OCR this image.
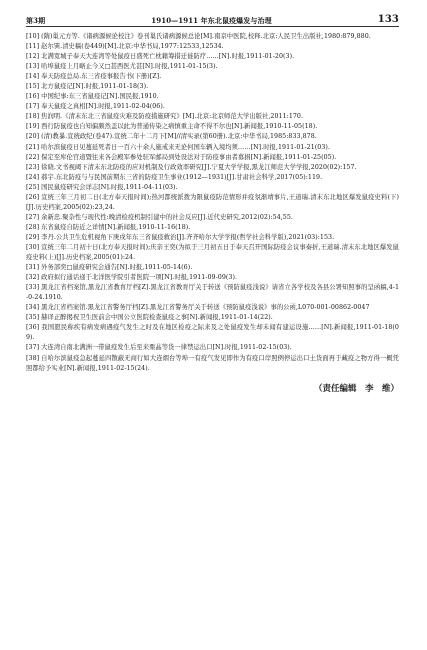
第3期	1910—1911 年东北鼠疫爆发与治理	133
[10] (隋)巢元方等.《诸病源候论校注》卷刊巢氏诸病源候总论[M].南京中医院,校释.北京:人民卫生出版社,1980:879,880.
[11] 赵尔巽.清史稿(卷449)[M].北京:中华书局,1977:12533,12534.
[12] 北满宽城子奉天大连湾等处鼠疫日盛死亡枕籍筹措迁徙防疗……[N].时报,1911-01-20(3).
[13] 哈埠鼠疫上月略止今又□甚西医尤甚[N].时报,1911-01-15(3).
[14] 奉天防疫总局.东三省疫事报告书(下册)[Z].
[15] 北方鼠疫记[N].时报,1911-01-18(3).
[16] 中国纪事:东三省鼠疫记[N].国民报,1910.
[17] 奉天鼠疫之真相[N].时报,1911-02-04(06).
[18] 焦润明.《清末东北三省鼠疫灾难及防疫措施研究》[M].北京:北京师范大学出版社,2011:170.
[19] 西行防鼠疫也自知偏颇然盖以此为普通传染之病慎重主命不得不尔也[N].新闻报,1910-11-05(18).
[20] (清)教暴.宣统政纪(卷47).宣统二年十二月下[M]//清实录(第60册).北京:中华书局,1985:833,878.
[21] 哈尔滨鼠疫日见蔓延死者日一百六十余人施戒来无论何国车辆入境均须……[N].时报,1911-01-21(03).
[22] 保定至库伦官道暨往来各会殿军参处驻军邮局到处设法对于防疫事由者募捐[N].新闻报,1911-01-25(05).
[23] 徐晓.文书视阈下清末东北防疫的应对机制及行政效率研究[J].宁夏大学学报,黑龙江师范大学学报,2020(02):157.
[24] 郝宇.东北防疫与与民国前期东三省的防疫卫生事业(1912—1931)[J].甘肃社会科学,2017(05):119.
[25] 国民鼠疫研究会详志[N].时报,1911-04-11(03).
[26] 宣统三年三月初二日(北方奉天报时间);热河都统派拨为限鼠疫防范情形并疫氛渐靖事片,王道瑞.清末东北地区爆发鼠疫史料(下)[J].历史档案,2005(02):23,24.
[27] 余新忠.聚杂性与现代性:晚清检疫机制引建中的社会反应[J].近代史研究,2012(02):54,55.
[28] 东省鼠疫自防近之详情[N].新闻报,1910-11-16(18).
[29] 李丹.公共卫生危机视角下庚戌年东三省鼠疫救治[J].齐齐哈尔大学学报(哲学社会科学版),2021(03):153.
[30] 宣统三年二月初十日(北方奉天报时间);庆亲王奕(为拟于三月初五日于奉天召开国际防疫会议事奏折,王道瑞.清末东北地区爆发鼠疫史料(上)[J].历史档案,2005(01):24.
[31] 外务部奕□鼠疫研究会通告[N].时报,1911-05-14(6).
[32] 政府拟行通话递于北洋医学院引者医院一项[N].时报,1911-09-09(3).
[33] 黑龙江省档案馆,黑龙江省教育厅档[Z].黑龙江省教育厅关于转送《预防鼠疫浅说》请省立各学校及各县公署知照事的呈函稿,4-1-0-24.1910.
[34] 黑龙江省档案馆.黑龙江省警务厅档[Z].黑龙江省警务厅关于转送《预防鼠疫浅说》事的公函,L070-001-00862-0047
[35] 赫译正醉揭祝卫生医前会中国公立医院检查鼠疫之事[N].新闻报,1911-01-14(22).
[36] 我国愿民称疾有病发病遇疫气发生之时及在地区检疫之际来及之处鼠疫发生却未闻有建运设施……[N].新闻报,1911-01-18(09).
[37] 大连湾自南北满洲一带鼠疫发生后至来栗晶等货一律禁运出口[N].时报,1911-02-15(03).
[38] 自哈尔滨鼠疫急起蔓延四散蔽无商行如大连烟台等埠一有疫气发见即作为有疫口岸照例停运出口土货面再于藏疫之物方得一概凭照都给予实业[N].新闻报,1911-02-15(24).
（责任编辑　李　维）
